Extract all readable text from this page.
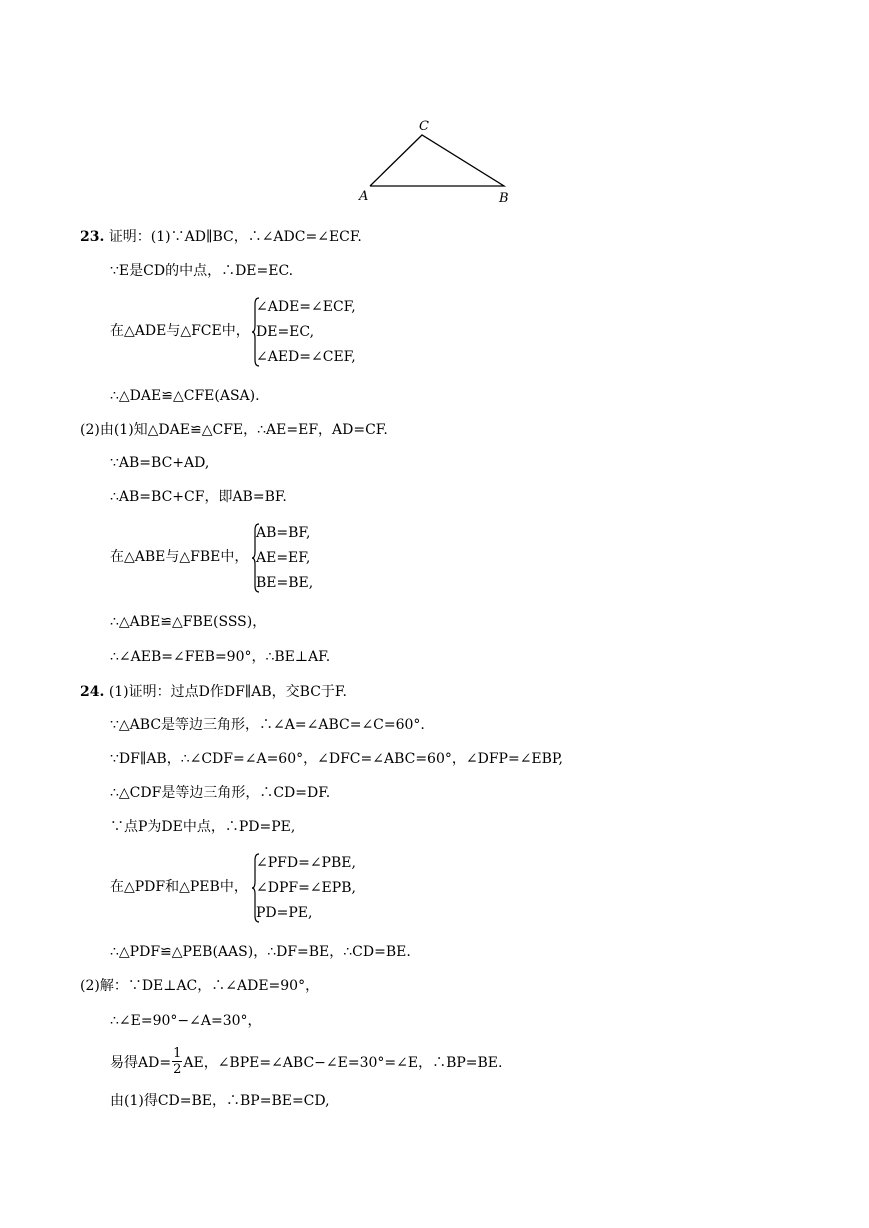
C
A	B
23. 证明：(1)∵AD∥BC，∴∠ADC=∠ECF.
∵E是CD的中点，∴DE=EC.
在△ADE与△FCE中，
∠ADE=∠ECF,
DE=EC,
∠AED=∠CEF,
∴△DAE≌△CFE(ASA).
(2)由(1)知△DAE≌△CFE，∴AE=EF，AD=CF.
∵AB=BC+AD,
∴AB=BC+CF，即AB=BF.
在△ABE与△FBE中，
AB=BF,
AE=EF,
BE=BE,
∴△ABE≌△FBE(SSS)，
∴∠AEB=∠FEB=90°，∴BE⊥AF.
24. (1)证明：过点D作DF∥AB，交BC于F.
∵△ABC是等边三角形，∴∠A=∠ABC=∠C=60°.
∵DF∥AB，∴∠CDF=∠A=60°，∠DFC=∠ABC=60°，∠DFP=∠EBP,
∴△CDF是等边三角形，∴CD=DF.
∵点P为DE中点，∴PD=PE,
在△PDF和△PEB中，
∠PFD=∠PBE,
∠DPF=∠EPB,
PD=PE,
∴△PDF≌△PEB(AAS)，∴DF=BE，∴CD=BE.
(2)解：∵DE⊥AC，∴∠ADE=90°，
∴∠E=90°−∠A=30°，
易得$AD= \frac{1}{2}$ AE，∠BPE=∠ABC−∠E=30°=∠E，∴BP=BE.
由(1)得CD=BE，∴BP=BE=CD,
